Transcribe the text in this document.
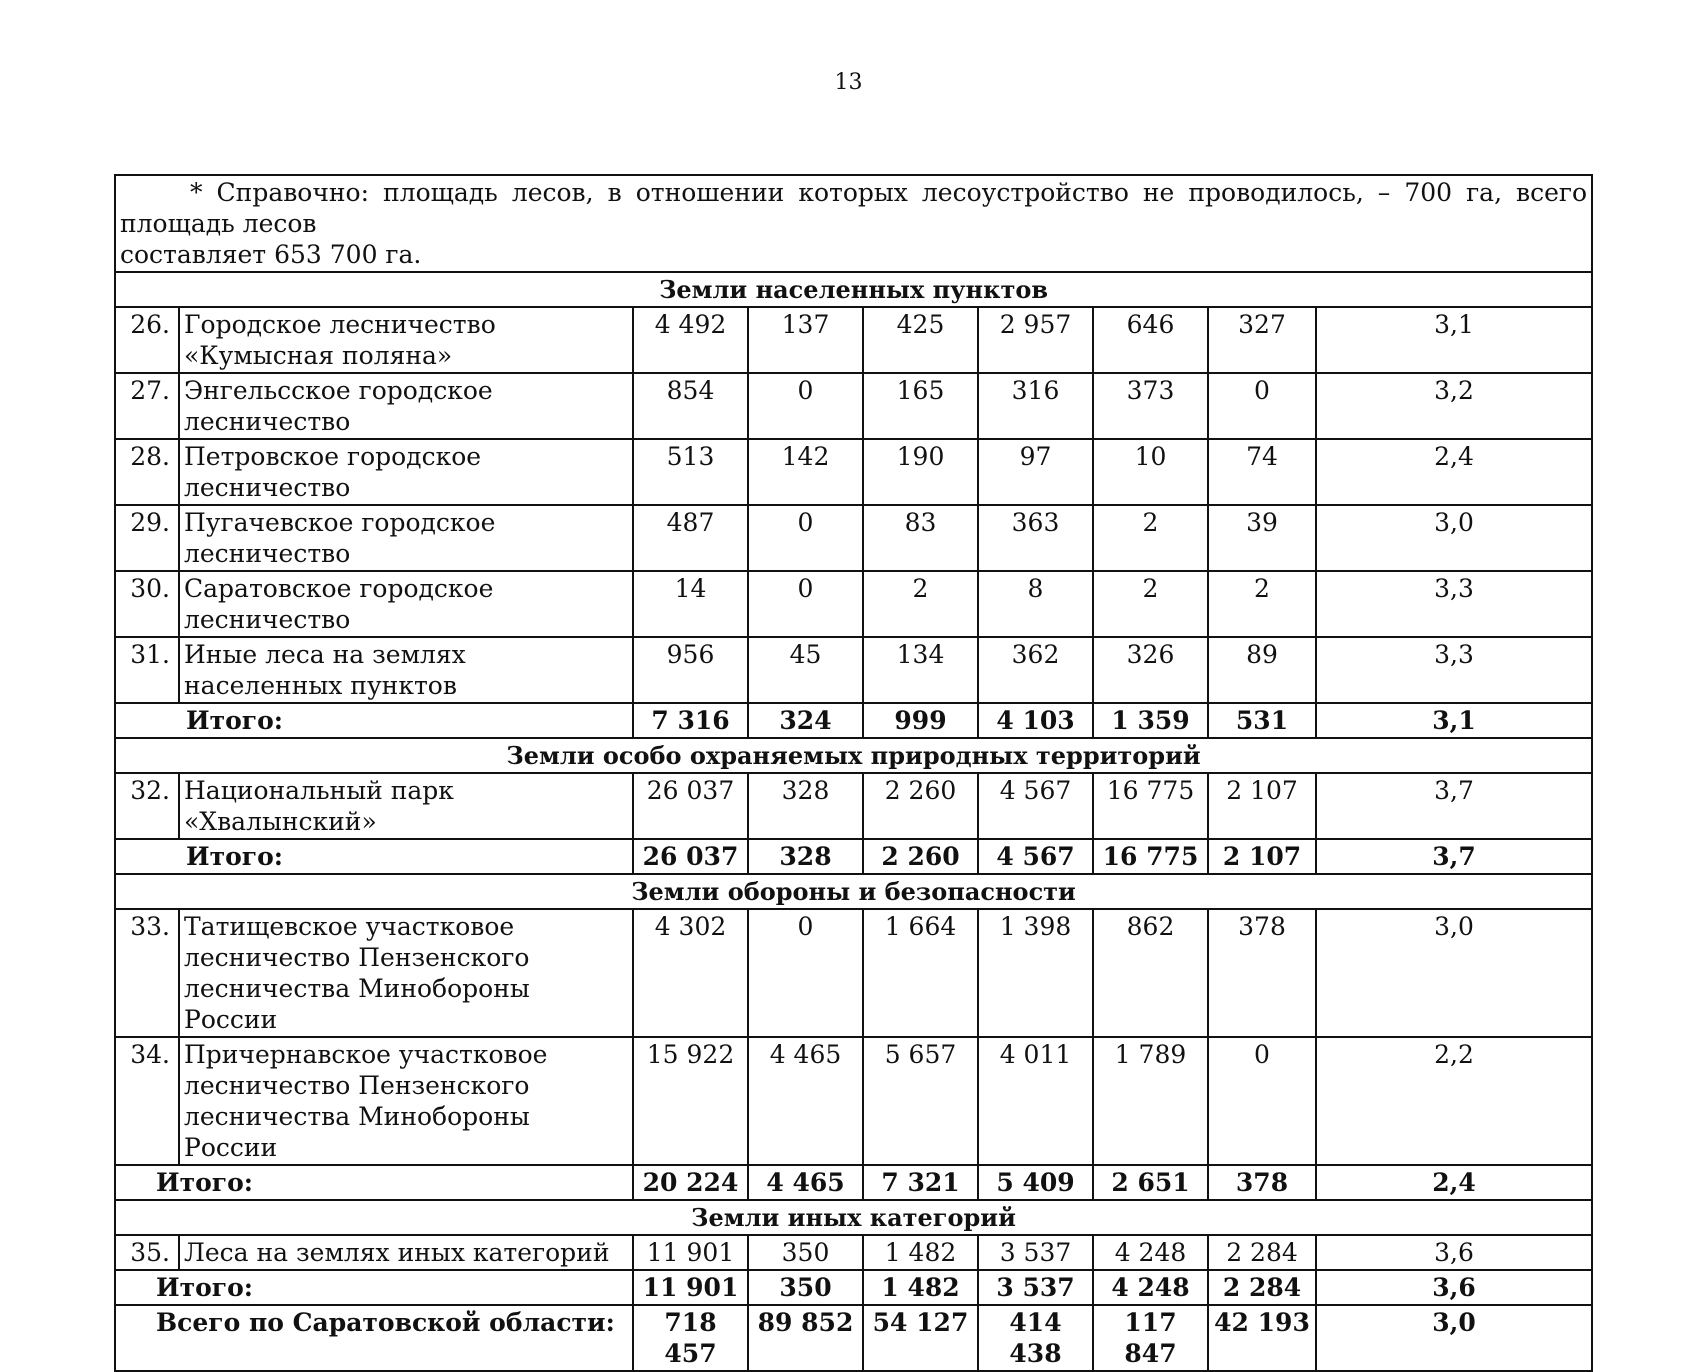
13
* Справочно: площадь лесов, в отношении которых лесоустройство не проводилось, – 700 га, всего площадь лесов
составляет 653 700 га.								
Земли населенных пунктов								
26.	Городское лесничество «Кумысная поляна»	4 492	137	425	2 957	646	327	3,1
27.	Энгельсское городское лесничество	854	0	165	316	373	0	3,2
28.	Петровское городское лесничество	513	142	190	97	10	74	2,4
29.	Пугачевское городское лесничество	487	0	83	363	2	39	3,0
30.	Саратовское городское лесничество	14	0	2	8	2	2	3,3
31.	Иные леса на землях населенных пунктов	956	45	134	362	326	89	3,3
Итого:		7 316	324	999	4 103	1 359	531	3,1
Земли особо охраняемых природных территорий								
32.	Национальный парк «Хвалынский»	26 037	328	2 260	4 567	16 775	2 107	3,7
Итого:		26 037	328	2 260	4 567	16 775	2 107	3,7
Земли обороны и безопасности								
33.	Татищевское участковое лесничество Пензенского лесничества Минобороны России	4 302	0	1 664	1 398	862	378	3,0
34.	Причернавское участковое лесничество Пензенского лесничества Минобороны России	15 922	4 465	5 657	4 011	1 789	0	2,2
Итого:		20 224	4 465	7 321	5 409	2 651	378	2,4
Земли иных категорий								
35.	Леса на землях иных категорий	11 901	350	1 482	3 537	4 248	2 284	3,6
Итого:		11 901	350	1 482	3 537	4 248	2 284	3,6
Всего по Саратовской области:		718 457	89 852	54 127	414 438	117 847	42 193	3,0
